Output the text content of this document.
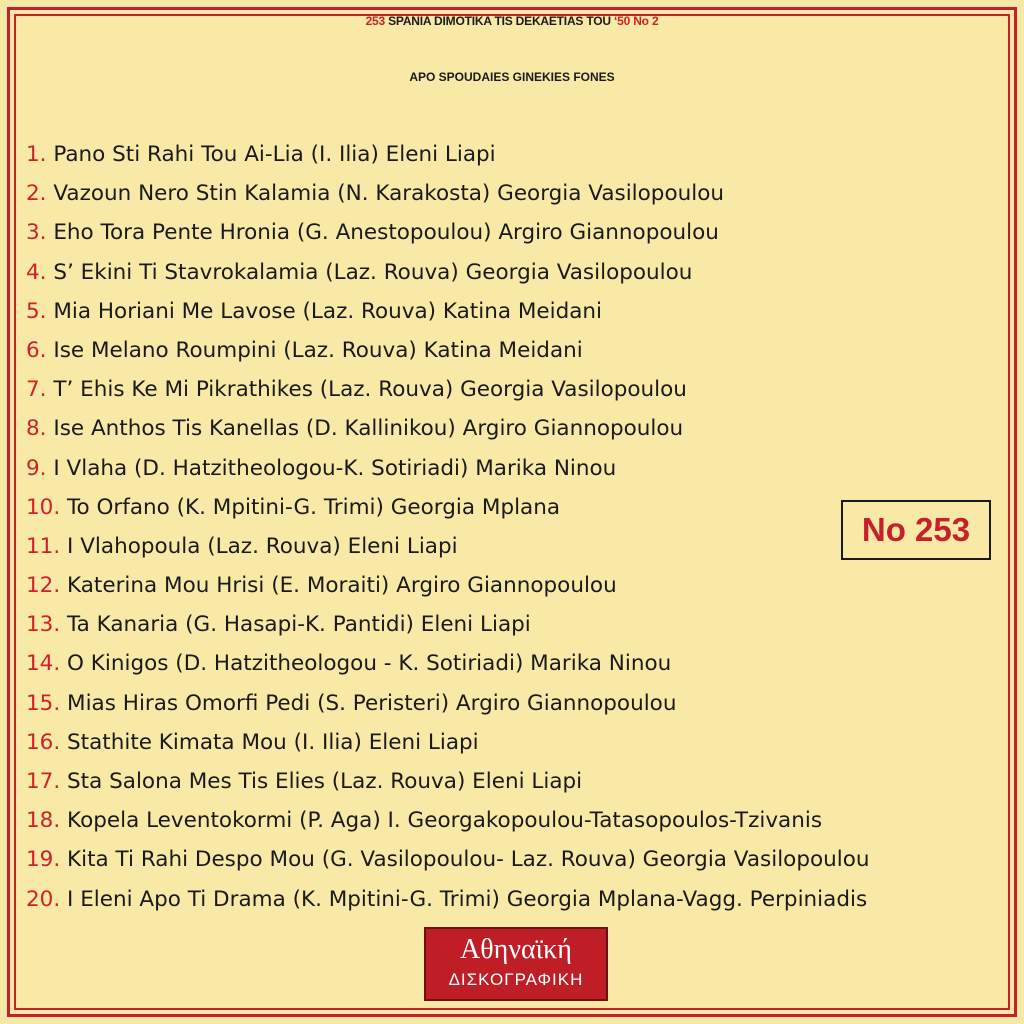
253 SPANIA DIMOTIKA TIS DEKAETIAS TOU ‘50 No 2
APO SPOUDAIES GINEKIES FONES
1. Pano Sti Rahi Tou Ai-Lia (I. Ilia) Eleni Liapi
2. Vazoun Nero Stin Kalamia (N. Karakosta) Georgia Vasilopoulou
3. Eho Tora Pente Hronia (G. Anestopoulou) Argiro Giannopoulou
4. S’ Ekini Ti Stavrokalamia (Laz. Rouva) Georgia Vasilopoulou
5. Mia Horiani Me Lavose (Laz. Rouva) Katina Meidani
6. Ise Melano Roumpini (Laz. Rouva) Katina Meidani
7. T’ Ehis Ke Mi Pikrathikes (Laz. Rouva) Georgia Vasilopoulou
8. Ise Anthos Tis Kanellas (D. Kallinikou) Argiro Giannopoulou
9. I Vlaha (D. Hatzitheologou-K. Sotiriadi) Marika Ninou
10. To Orfano (K. Mpitini-G. Trimi) Georgia Mplana
11. I Vlahopoula (Laz. Rouva) Eleni Liapi
12. Katerina Mou Hrisi (E. Moraiti) Argiro Giannopoulou
13. Ta Kanaria (G. Hasapi-K. Pantidi) Eleni Liapi
14. O Kinigos (D. Hatzitheologou - K. Sotiriadi) Marika Ninou
15. Mias Hiras Omorfi Pedi (S. Peristeri) Argiro Giannopoulou
16. Stathite Kimata Mou (I. Ilia) Eleni Liapi
17. Sta Salona Mes Tis Elies (Laz. Rouva) Eleni Liapi
18. Kopela Leventokormi (P. Aga) I. Georgakopoulou-Tatasopoulos-Tzivanis
19. Kita Ti Rahi Despo Mou (G. Vasilopoulou- Laz. Rouva) Georgia Vasilopoulou
20. I Eleni Apo Ti Drama (K. Mpitini-G. Trimi) Georgia Mplana-Vagg. Perpiniadis
No 253
Αθηναϊκή
ΔΙΣΚΟΓΡΑΦΙΚΗ
